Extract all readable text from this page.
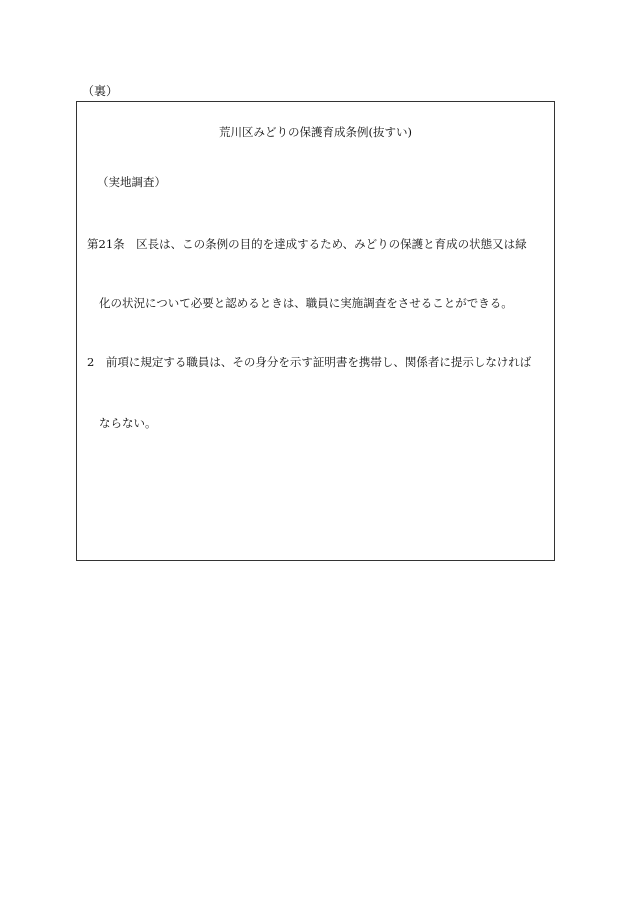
（裏）
荒川区みどりの保護育成条例(抜すい)
（実地調査）
第21条　区長は、この条例の目的を達成するため、みどりの保護と育成の状態又は緑
化の状況について必要と認めるときは、職員に実施調査をさせることができる。
2　前項に規定する職員は、その身分を示す証明書を携帯し、関係者に提示しなければ
ならない。
